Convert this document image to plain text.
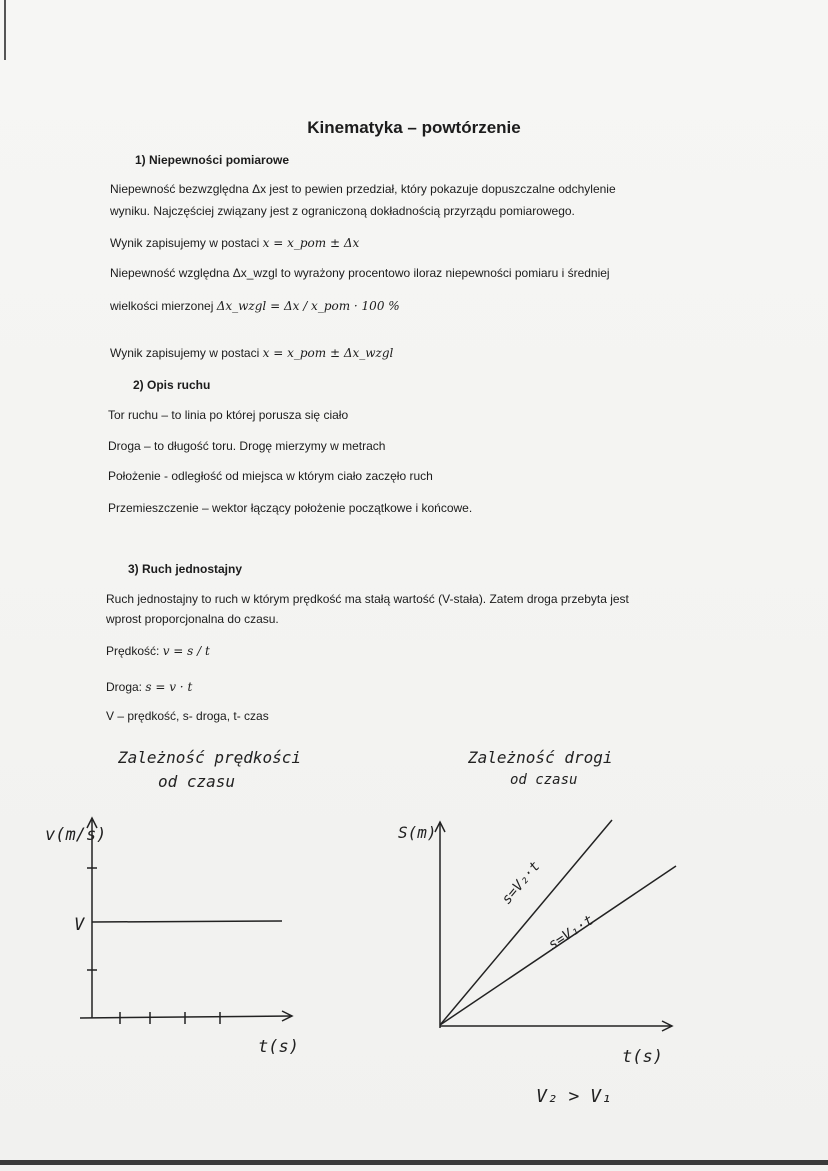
Kinematyka – powtórzenie
1) Niepewności pomiarowe
Niepewność bezwzględna Δx jest to pewien przedział, który pokazuje dopuszczalne odchylenie
wyniku. Najczęściej związany jest z ograniczoną dokładnością przyrządu pomiarowego.
Wynik zapisujemy w postaci x = x_pom ± Δx
Niepewność względna Δx_wzgl to wyrażony procentowo iloraz niepewności pomiaru i średniej
wielkości mierzonej Δx_wzgl = Δx / x_pom · 100 %
Wynik zapisujemy w postaci x = x_pom ± Δx_wzgl
2) Opis ruchu
Tor ruchu – to linia po której porusza się ciało
Droga – to długość toru. Drogę mierzymy w metrach
Położenie - odległość od miejsca w którym ciało zaczęło ruch
Przemieszczenie – wektor łączący położenie początkowe i końcowe.
3) Ruch jednostajny
Ruch jednostajny to ruch w którym prędkość ma stałą wartość (V-stała). Zatem droga przebyta jest
wprost proporcjonalna do czasu.
Prędkość: v = s / t
Droga: s = v · t
V – prędkość, s- droga, t- czas
Zależność prędkości
od czasu
Zależność drogi
od czasu
v(m/s)
V
t(s)
S(m)
s=V₂·t
s=V₁·t
t(s)
V₂ > V₁
